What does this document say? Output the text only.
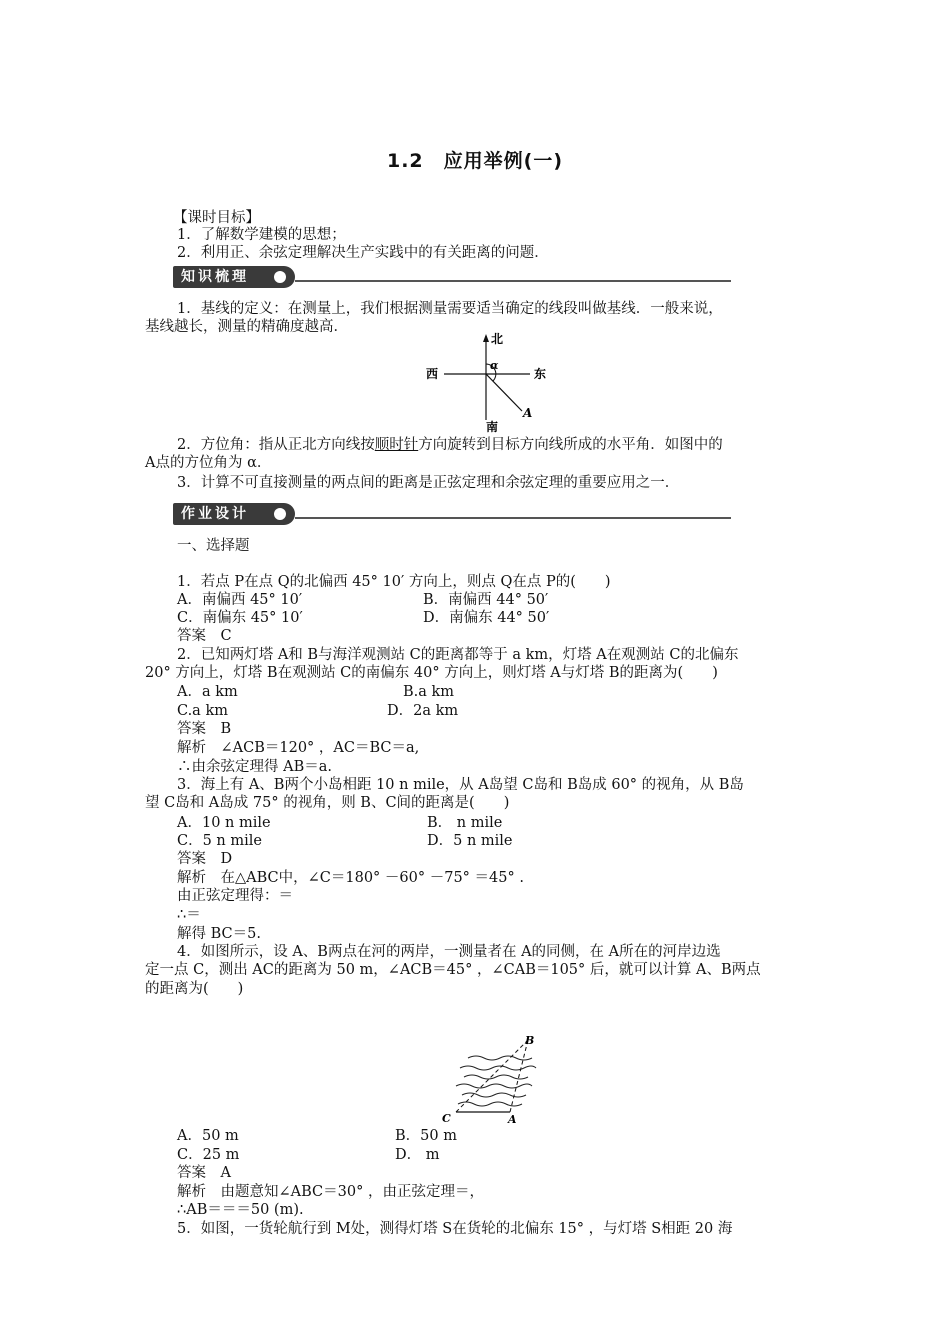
1.2　应用举例(一)
【课时目标】
1．了解数学建模的思想；
2．利用正、余弦定理解决生产实践中的有关距离的问题．
知识梳理
1．基线的定义：在测量上，我们根据测量需要适当确定的线段叫做基线．一般来说，
基线越长，测量的精确度越高．
北
南
西	东
α
A
2．方位角：指从正北方向线按顺时针方向旋转到目标方向线所成的水平角．如图中的
A点的方位角为 α．
3．计算不可直接测量的两点间的距离是正弦定理和余弦定理的重要应用之一．
作业设计
一、选择题
1．若点 P在点 Q的北偏西 45° 10′ 方向上，则点 Q在点 P的(　　)
A．南偏西 45° 10′	B．南偏西 44° 50′
C．南偏东 45° 10′	D．南偏东 44° 50′
答案　C
2．已知两灯塔 A和 B与海洋观测站 C的距离都等于 a km，灯塔 A在观测站 C的北偏东
20° 方向上，灯塔 B在观测站 C的南偏东 40° 方向上，则灯塔 A与灯塔 B的距离为(　　)
A．a km	B.a km
C.a km	D．2a km
答案　B
解析　∠ACB＝120° ，AC＝BC＝a,
∴由余弦定理得 AB＝a.
3．海上有 A、B两个小岛相距 10 n mile，从 A岛望 C岛和 B岛成 60° 的视角，从 B岛
望 C岛和 A岛成 75° 的视角，则 B、C间的距离是(　　)
A．10 n mile	B． n mile
C．5 n mile	D．5 n mile
答案　D
解析　在△ABC中，∠C＝180° －60° －75° ＝45° .
由正弦定理得：＝
∴＝
解得 BC＝5.
4．如图所示，设 A、B两点在河的两岸，一测量者在 A的同侧，在 A所在的河岸边选
定一点 C，测出 AC的距离为 50 m，∠ACB＝45° ，∠CAB＝105° 后，就可以计算 A、B两点
的距离为(　　)
B
C	A
A．50 m	B．50 m
C．25 m	D． m
答案　A
解析　由题意知∠ABC＝30° ，由正弦定理＝，
∴AB＝＝＝50 (m).
5．如图，一货轮航行到 M处，测得灯塔 S在货轮的北偏东 15° ，与灯塔 S相距 20 海
